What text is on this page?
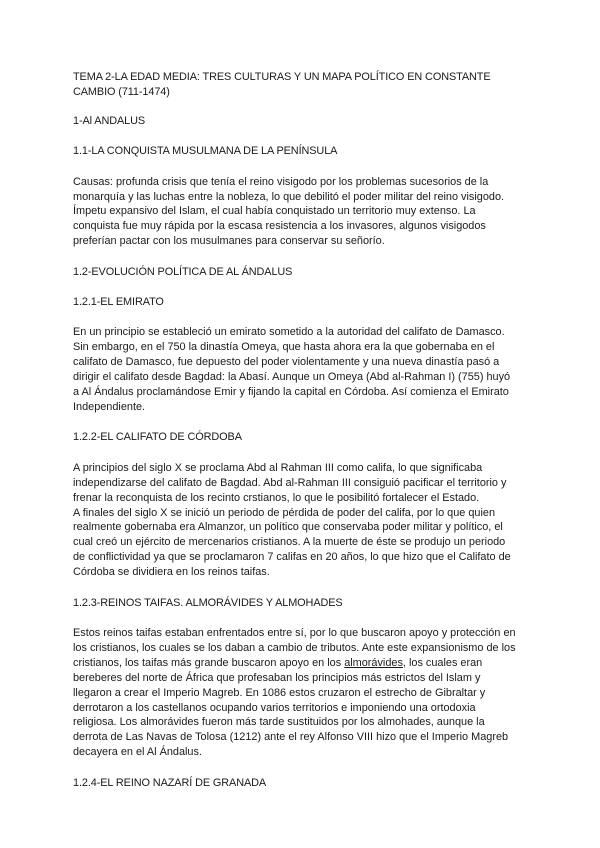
TEMA 2-LA EDAD MEDIA: TRES CULTURAS Y UN MAPA POLÍTICO EN CONSTANTE
CAMBIO (711-1474)
1-Al ANDALUS
1.1-LA CONQUISTA MUSULMANA DE LA PENÍNSULA
Causas: profunda crisis que tenía el reino visigodo por los problemas sucesorios de la
monarquía y las luchas entre la nobleza, lo que debilitó el poder militar del reino visigodo.
Ímpetu expansivo del Islam, el cual había conquistado un territorio muy extenso. La
conquista fue muy rápida por la escasa resistencia a los invasores, algunos visigodos
preferían pactar con los musulmanes para conservar su señorío.
1.2-EVOLUCIÓN POLÍTICA DE AL ÁNDALUS
1.2.1-EL EMIRATO
En un principio se estableció un emirato sometido a la autoridad del califato de Damasco.
Sin embargo, en el 750 la dinastía Omeya, que hasta ahora era la que gobernaba en el
califato de Damasco, fue depuesto del poder violentamente y una nueva dinastía pasó a
dirigir el califato desde Bagdad: la Abasí. Aunque un Omeya (Abd al-Rahman I) (755) huyó
a Al Ándalus proclamándose Emir y fijando la capital en Córdoba. Así comienza el Emirato
Independiente.
1.2.2-EL CALIFATO DE CÓRDOBA
A principios del siglo X se proclama Abd al Rahman III como califa, lo que significaba
independizarse del califato de Bagdad. Abd al-Rahman III consiguió pacificar el territorio y
frenar la reconquista de los recinto crstianos, lo que le posibilitó fortalecer el Estado.
A finales del siglo X se inició un periodo de pérdida de poder del califa, por lo que quien
realmente gobernaba era Almanzor, un político que conservaba poder militar y político, el
cual creó un ejército de mercenarios cristianos. A la muerte de éste se produjo un periodo
de conflictividad ya que se proclamaron 7 califas en 20 años, lo que hizo que el Califato de
Córdoba se dividiera en los reinos taifas.
1.2.3-REINOS TAIFAS. ALMORÁVIDES Y ALMOHADES
Estos reinos taifas estaban enfrentados entre sí, por lo que buscaron apoyo y protección en
los cristianos, los cuales se los daban a cambio de tributos. Ante este expansionismo de los
cristianos, los taifas más grande buscaron apoyo en los almorávides, los cuales eran
bereberes del norte de África que profesaban los principios más estrictos del Islam y
llegaron a crear el Imperio Magreb. En 1086 estos cruzaron el estrecho de Gibraltar y
derrotaron a los castellanos ocupando varios territorios e imponiendo una ortodoxia
religiosa. Los almorávides fueron más tarde sustituidos por los almohades, aunque la
derrota de Las Navas de Tolosa (1212) ante el rey Alfonso VIII hizo que el Imperio Magreb
decayera en el Al Ándalus.
1.2.4-EL REINO NAZARÍ DE GRANADA
